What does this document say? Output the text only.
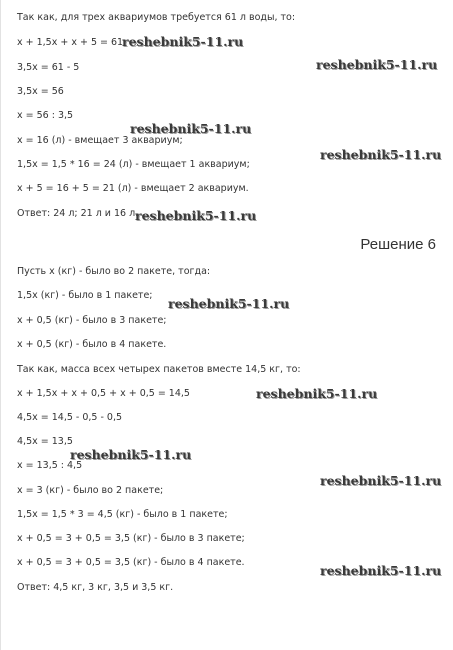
Так как, для трех аквариумов требуется 61 л воды, то:
x + 1,5x + x + 5 = 61
3,5x = 61 - 5
3,5x = 56
x = 56 : 3,5
x = 16 (л) - вмещает 3 аквариум;
1,5x = 1,5 * 16 = 24 (л) - вмещает 1 аквариум;
x + 5 = 16 + 5 = 21 (л) - вмещает 2 аквариум.
Ответ: 24 л; 21 л и 16 л.
Решение 6
Пусть x (кг) - было во 2 пакете, тогда:
1,5x (кг) - было в 1 пакете;
x + 0,5 (кг) - было в 3 пакете;
x + 0,5 (кг) - было в 4 пакете.
Так как, масса всех четырех пакетов вместе 14,5 кг, то:
x + 1,5x + x + 0,5 + x + 0,5 = 14,5
4,5x = 14,5 - 0,5 - 0,5
4,5x = 13,5
x = 13,5 : 4,5
x = 3 (кг) - было во 2 пакете;
1,5x = 1,5 * 3 = 4,5 (кг) - было в 1 пакете;
x + 0,5 = 3 + 0,5 = 3,5 (кг) - было в 3 пакете;
x + 0,5 = 3 + 0,5 = 3,5 (кг) - было в 4 пакете.
Ответ: 4,5 кг, 3 кг, 3,5 и 3,5 кг.
reshebnik5-11.ru
reshebnik5-11.ru
reshebnik5-11.ru
reshebnik5-11.ru
reshebnik5-11.ru
reshebnik5-11.ru
reshebnik5-11.ru
reshebnik5-11.ru
reshebnik5-11.ru
reshebnik5-11.ru
